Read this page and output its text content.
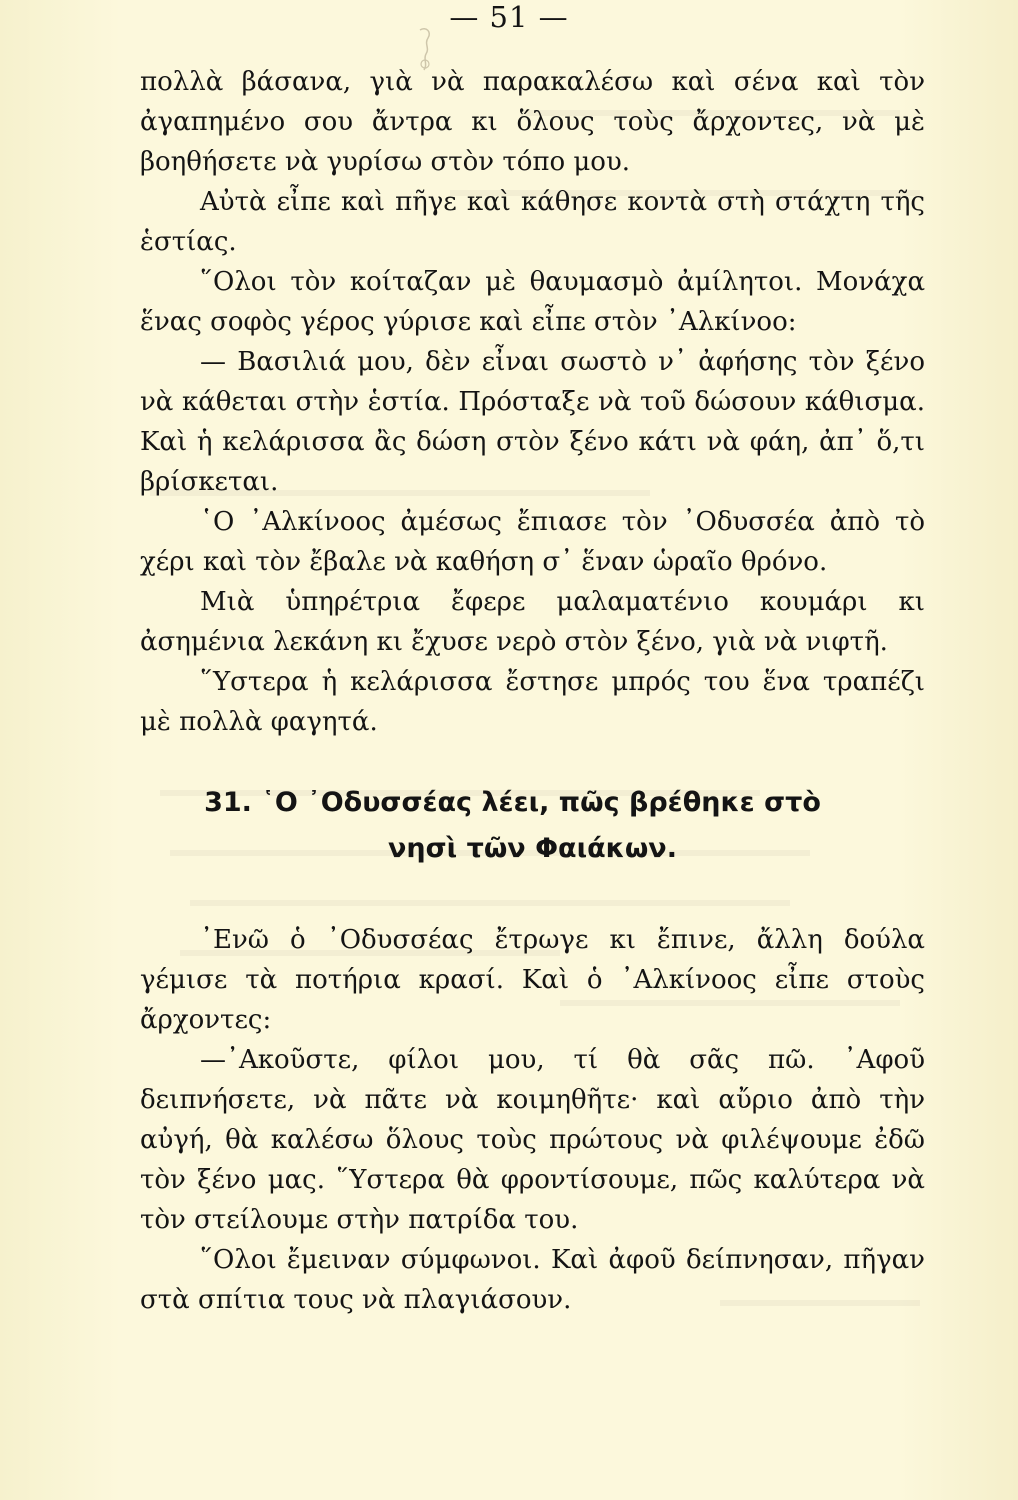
— 51 —

πολλὰ βάσανα, γιὰ νὰ παρακαλέσω καὶ σένα καὶ τὸν ἀγαπημένο σου ἄντρα κι ὅλους τοὺς ἄρχοντες, νὰ μὲ βοηθήσετε νὰ γυρίσω στὸν τόπο μου.

Αὐτὰ εἶπε καὶ πῆγε καὶ κάθησε κοντὰ στὴ στάχτη τῆς ἑστίας.

῞Ολοι τὸν κοίταζαν μὲ θαυμασμὸ ἀμίλητοι. Μονάχα ἕνας σοφὸς γέρος γύρισε καὶ εἶπε στὸν ᾿Αλκίνοο:

— Βασιλιά μου, δὲν εἶναι σωστὸ ν᾿ ἀφήσης τὸν ξένο νὰ κάθεται στὴν ἑστία. Πρόσταξε νὰ τοῦ δώσουν κάθισμα. Καὶ ἡ κελάρισσα ἂς δώση στὸν ξένο κάτι νὰ φάη, ἀπ᾿ ὅ,τι βρίσκεται.

῾Ο ᾿Αλκίνοος ἀμέσως ἔπιασε τὸν ᾿Οδυσσέα ἀπὸ τὸ χέρι καὶ τὸν ἔβαλε νὰ καθήση σ᾿ ἕναν ὡραῖο θρόνο.

Μιὰ ὑπηρέτρια ἔφερε μαλαματένιο κουμάρι κι ἀσημένια λεκάνη κι ἔχυσε νερὸ στὸν ξένο, γιὰ νὰ νιφτῆ.

῞Υστερα ἡ κελάρισσα ἔστησε μπρός του ἕνα τραπέζι μὲ πολλὰ φαγητά.

31. ῾Ο ᾿Οδυσσέας λέει, πῶς βρέθηκε στὸ
νησὶ τῶν Φαιάκων.

᾿Ενῶ ὁ ᾿Οδυσσέας ἔτρωγε κι ἔπινε, ἄλλη δούλα γέμισε τὰ ποτήρια κρασί. Καὶ ὁ ᾿Αλκίνοος εἶπε στοὺς ἄρχοντες:

—᾿Ακοῦστε, φίλοι μου, τί θὰ σᾶς πῶ. ᾿Αφοῦ δειπνήσετε, νὰ πᾶτε νὰ κοιμηθῆτε· καὶ αὔριο ἀπὸ τὴν αὐγή, θὰ καλέσω ὅλους τοὺς πρώτους νὰ φιλέψουμε ἐδῶ τὸν ξένο μας. ῞Υστερα θὰ φροντίσουμε, πῶς καλύτερα νὰ τὸν στείλουμε στὴν πατρίδα του.

῞Ολοι ἔμειναν σύμφωνοι. Καὶ ἀφοῦ δείπνησαν, πῆγαν στὰ σπίτια τους νὰ πλαγιάσουν.
